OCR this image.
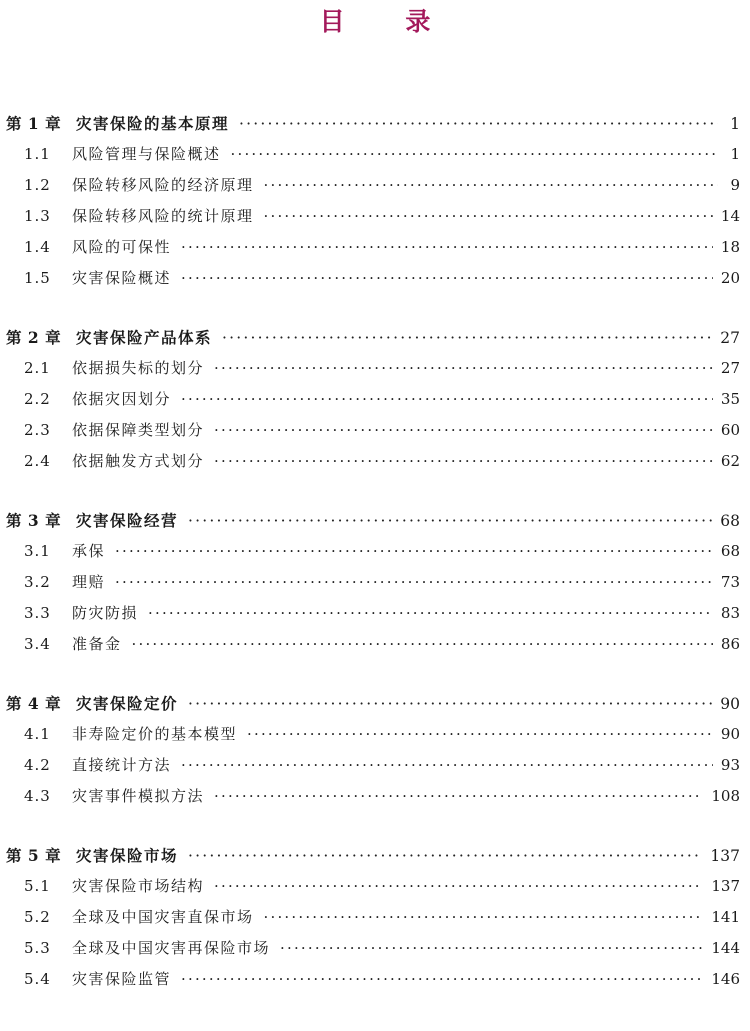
目 录
第 1 章 灾害保险的基本原理 ·····	1
1.1	风险管理与保险概述 ·····	1
1.2	保险转移风险的经济原理 ·····	9
1.3	保险转移风险的统计原理 ·····	14
1.4	风险的可保性 ·····	18
1.5	灾害保险概述 ·····	20
第 2 章 灾害保险产品体系 ·····	27
2.1	依据损失标的划分 ·····	27
2.2	依据灾因划分 ·····	35
2.3	依据保障类型划分 ·····	60
2.4	依据触发方式划分 ·····	62
第 3 章 灾害保险经营 ·····	68
3.1	承保 ·····	68
3.2	理赔 ·····	73
3.3	防灾防损 ·····	83
3.4	准备金 ·····	86
第 4 章 灾害保险定价 ·····	90
4.1	非寿险定价的基本模型 ·····	90
4.2	直接统计方法 ·····	93
4.3	灾害事件模拟方法 ·····	108
第 5 章 灾害保险市场 ·····	137
5.1	灾害保险市场结构 ·····	137
5.2	全球及中国灾害直保市场 ·····	141
5.3	全球及中国灾害再保险市场 ·····	144
5.4	灾害保险监管 ·····	146
